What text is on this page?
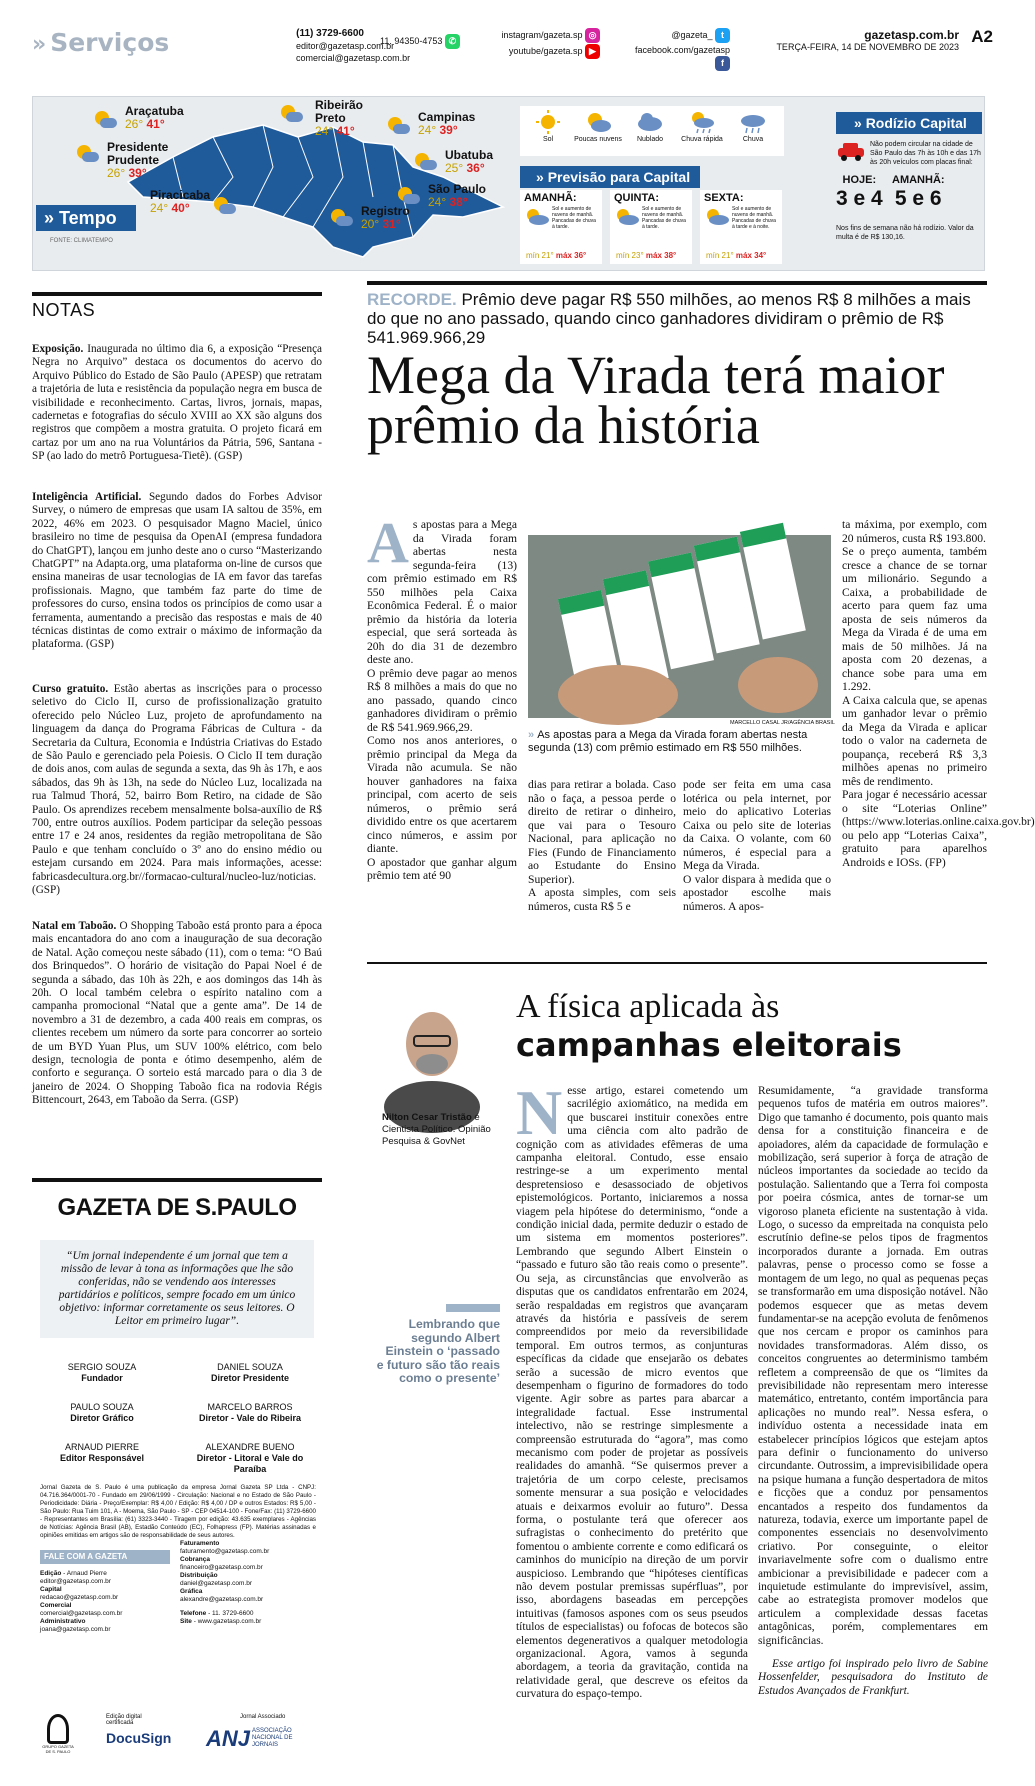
» Serviços	(11) 3729-6600
editor@gazetasp.com.br
comercial@gazetasp.com.br
11. 94350-4753 ✆
instagram/gazeta.sp ◎
youtube/gazeta.sp ▶
@gazeta_ t
facebook.com/gazetasp f
gazetasp.com.br
TERÇA-FEIRA, 14 DE NOVEMBRO DE 2023
A2
Araçatuba
26° 41°
Presidente Prudente
26° 39°
Ribeirão Preto
24° 41°
Campinas
24° 39°
Ubatuba
25° 36°
São Paulo
24° 38°
Piracicaba
24° 40°	Registro
20° 31°
» Tempo
FONTE: CLIMATEMPO
Sol	Poucas nuvens	Nublado	Chuva rápida	Chuva
» Previsão para Capital
AMANHÃ:
Sol e aumento de nuvens de manhã. Pancadas de chuva à tarde.
mín 21° máx 36°
QUINTA:
Sol e aumento de nuvens de manhã. Pancadas de chuva à tarde.
mín 23° máx 38°
SEXTA:
Sol e aumento de nuvens de manhã. Pancadas de chuva à tarde e à noite.
mín 21° máx 34°
» Rodízio Capital
Não podem circular na cidade de São Paulo das 7h às 10h e das 17h às 20h veículos com placas final:
HOJE:
3 e 4
AMANHÃ:
5 e 6
Nos fins de semana não há rodízio. Valor da multa é de R$ 130,16.
NOTAS
Exposição. Inaugurada no último dia 6, a exposição “Presença Negra no Arquivo” destaca os documentos do acervo do Arquivo Público do Estado de São Paulo (APESP) que retratam a trajetória de luta e resistência da população negra em busca de visibilidade e reconhecimento. Cartas, livros, jornais, mapas, cadernetas e fotografias do século XVIII ao XX são alguns dos registros que compõem a mostra gratuita. O projeto ficará em cartaz por um ano na rua Voluntários da Pátria, 596, Santana - SP (ao lado do metrô Portuguesa-Tietê). (GSP)
Inteligência Artificial. Segundo dados do Forbes Advisor Survey, o número de empresas que usam IA saltou de 35%, em 2022, 46% em 2023. O pesquisador Magno Maciel, único brasileiro no time de pesquisa da OpenAI (empresa fundadora do ChatGPT), lançou em junho deste ano o curso “Masterizando ChatGPT” na Adapta.org, uma plataforma on-line de cursos que ensina maneiras de usar tecnologias de IA em favor das tarefas profissionais. Magno, que também faz parte do time de professores do curso, ensina todos os princípios de como usar a ferramenta, aumentando a precisão das respostas e mais de 40 técnicas distintas de como extrair o máximo de informação da plataforma. (GSP)
Curso gratuito. Estão abertas as inscrições para o processo seletivo do Ciclo II, curso de profissionalização gratuito oferecido pelo Núcleo Luz, projeto de aprofundamento na linguagem da dança do Programa Fábricas de Cultura - da Secretaria da Cultura, Economia e Indústria Criativas do Estado de São Paulo e gerenciado pela Poiesis. O Ciclo II tem duração de dois anos, com aulas de segunda a sexta, das 9h às 17h, e aos sábados, das 9h às 13h, na sede do Núcleo Luz, localizada na rua Talmud Thorá, 52, bairro Bom Retiro, na cidade de São Paulo. Os aprendizes recebem mensalmente bolsa-auxílio de R$ 700, entre outros auxílios. Podem participar da seleção pessoas entre 17 e 24 anos, residentes da região metropolitana de São Paulo e que tenham concluído o 3º ano do ensino médio ou estejam cursando em 2024. Para mais informações, acesse: fabricasdecultura.org.br//formacao-cultural/nucleo-luz/noticias. (GSP)
Natal em Taboão. O Shopping Taboão está pronto para a época mais encantadora do ano com a inauguração de sua decoração de Natal. Ação começou neste sábado (11), com o tema: “O Baú dos Brinquedos”. O horário de visitação do Papai Noel é de segunda a sábado, das 10h às 22h, e aos domingos das 14h às 20h. O local também celebra o espírito natalino com a campanha promocional “Natal que a gente ama”. De 14 de novembro a 31 de dezembro, a cada 400 reais em compras, os clientes recebem um número da sorte para concorrer ao sorteio de um BYD Yuan Plus, um SUV 100% elétrico, com belo design, tecnologia de ponta e ótimo desempenho, além de conforto e segurança. O sorteio está marcado para o dia 3 de janeiro de 2024. O Shopping Taboão fica na rodovia Régis Bittencourt, 2643, em Taboão da Serra. (GSP)
GAZETA DE S.PAULO
“Um jornal independente é um jornal que tem a missão de levar à tona as informações que lhe são conferidas, não se vendendo aos interesses partidários e políticos, sempre focado em um único objetivo: informar corretamente os seus leitores. O Leitor em primeiro lugar”.
SERGIO SOUZA
Fundador
DANIEL SOUZA
Diretor Presidente
PAULO SOUZA
Diretor Gráfico
MARCELO BARROS
Diretor - Vale do Ribeira
ARNAUD PIERRE
Editor Responsável
ALEXANDRE BUENO
Diretor - Litoral e Vale do Paraíba
Jornal Gazeta de S. Paulo é uma publicação da empresa Jornal Gazeta SP Ltda - CNPJ: 04.716.364/0001-70 - Fundado em 29/06/1999 - Circulação: Nacional e no Estado de São Paulo - Periodicidade: Diária - Preço/Exemplar: R$ 4,00 / Edição: R$ 4,00 / DP e outros Estados: R$ 5,00 - São Paulo: Rua Tuim 101, A - Moema, São Paulo - SP - CEP 04514-100 - Fone/Fax: (11) 3729-6600 - Representantes em Brasília: (61) 3323-3440 - Tiragem por edição: 43.635 exemplares - Agências de Notícias: Agência Brasil (AB), Estadão Conteúdo (EC), Folhapress (FP). Matérias assinadas e opiniões emitidas em artigos são de responsabilidade de seus autores.
FALE COM A GAZETA
Edição - Arnaud Pierre editor@gazetasp.com.br
Capital
redacao@gazetasp.com.br
Comercial
comercial@gazetasp.com.br
Administrativo
joana@gazetasp.com.br
Faturamento
faturamento@gazetasp.com.br
Cobrança
financeiro@gazetasp.com.br
Distribuição
daniel@gazetasp.com.br
Gráfica
alexandre@gazetasp.com.br
Telefone - 11. 3729-6600
Site - www.gazetasp.com.br
GRUPO GAZETA DE S. PAULO
Edição digital certificada
DocuSign
Jornal Associado
ANJ ASSOCIAÇÃO NACIONAL DE JORNAIS
RECORDE. Prêmio deve pagar R$ 550 milhões, ao menos R$ 8 milhões a mais do que no ano passado, quando cinco ganhadores dividiram o prêmio de R$ 541.969.966,29
Mega da Virada terá maior prêmio da história
As apostas para a Mega da Virada foram abertas nesta segunda-feira (13) com prêmio estimado em R$ 550 milhões pela Caixa Econômica Federal. É o maior prêmio da história da loteria especial, que será sorteada às 20h do dia 31 de dezembro deste ano.
O prêmio deve pagar ao menos R$ 8 milhões a mais do que no ano passado, quando cinco ganhadores dividiram o prêmio de R$ 541.969.966,29.
Como nos anos anteriores, o prêmio principal da Mega da Virada não acumula. Se não houver ganhadores na faixa principal, com acerto de seis números, o prêmio será dividido entre os que acertarem cinco números, e assim por diante.
O apostador que ganhar algum prêmio tem até 90
MARCELLO CASAL JR/AGÊNCIA BRASIL
» As apostas para a Mega da Virada foram abertas nesta segunda (13) com prêmio estimado em R$ 550 milhões.
dias para retirar a bolada. Caso não o faça, a pessoa perde o direito de retirar o dinheiro, que vai para o Tesouro Nacional, para aplicação no Fies (Fundo de Financiamento ao Estudante do Ensino Superior).
A aposta simples, com seis números, custa R$ 5 e
pode ser feita em uma casa lotérica ou pela internet, por meio do aplicativo Loterias Caixa ou pelo site de loterias da Caixa. O volante, com 60 números, é especial para a Mega da Virada.
O valor dispara à medida que o apostador escolhe mais números. A apos-
ta máxima, por exemplo, com 20 números, custa R$ 193.800.
Se o preço aumenta, também cresce a chance de se tornar um milionário. Segundo a Caixa, a probabilidade de acerto para quem faz uma aposta de seis números da Mega da Virada é de uma em mais de 50 milhões. Já na aposta com 20 dezenas, a chance sobe para uma em 1.292.
A Caixa calcula que, se apenas um ganhador levar o prêmio da Mega da Virada e aplicar todo o valor na caderneta de poupança, receberá R$ 3,3 milhões apenas no primeiro mês de rendimento.
Para jogar é necessário acessar o site “Loterias Online” (https://www.loterias.online.caixa.gov.br) ou pelo app “Loterias Caixa”, gratuito para aparelhos Androids e IOSs. (FP)
Nilton Cesar Tristão é Cientista Político. Opinião Pesquisa & GovNet
A física aplicada às
campanhas eleitorais
Lembrando que segundo Albert Einstein o ‘passado e futuro são tão reais como o presente’
Nesse artigo, estarei cometendo um sacrilégio axiomático, na medida em que buscarei instituir conexões entre uma ciência com alto padrão de cognição com as atividades efêmeras de uma campanha eleitoral. Contudo, esse ensaio restringe-se a um experimento mental despretensioso e desassociado de objetivos epistemológicos. Portanto, iniciaremos a nossa viagem pela hipótese do determinismo, “onde a condição inicial dada, permite deduzir o estado de um sistema em momentos posteriores”. Lembrando que segundo Albert Einstein o “passado e futuro são tão reais como o presente”. Ou seja, as circunstâncias que envolverão as disputas que os candidatos enfrentarão em 2024, serão respaldadas em registros que avançaram através da história e passíveis de serem compreendidos por meio da reversibilidade temporal. Em outros termos, as conjunturas específicas da cidade que ensejarão os debates serão a sucessão de micro eventos que desempenham o figurino de formadores do todo vigente. Agir sobre as partes para abarcar a integralidade factual. Esse instrumental intelectivo, não se restringe simplesmente a compreensão estruturada do “agora”, mas como mecanismo com poder de projetar as possíveis realidades do amanhã. “Se quisermos prever a trajetória de um corpo celeste, precisamos somente mensurar a sua posição e velocidades atuais e deixarmos evoluir ao futuro”. Dessa forma, o postulante terá que oferecer aos sufragistas o conhecimento do pretérito que fomentou o ambiente corrente e como edificará os caminhos do município na direção de um porvir auspicioso. Lembrando que “hipóteses científicas não devem postular premissas supérfluas”, por isso, abordagens baseadas em percepções intuitivas (famosos aspones com os seus pseudos títulos de especialistas) ou fofocas de botecos são elementos degenerativos a qualquer metodologia organizacional. Agora, vamos à segunda abordagem, a teoria da gravitação, contida na relatividade geral, que descreve os efeitos da curvatura do espaço-tempo.
Resumidamente, “a gravidade transforma pequenos tufos de matéria em outros maiores”. Digo que tamanho é documento, pois quanto mais densa for a constituição financeira e de apoiadores, além da capacidade de formulação e mobilização, será superior à força de atração de núcleos importantes da sociedade ao tecido da postulação. Salientando que a Terra foi composta por poeira cósmica, antes de tornar-se um vigoroso planeta eficiente na sustentação à vida. Logo, o sucesso da empreitada na conquista pelo escrutínio define-se pelos tipos de fragmentos incorporados durante a jornada. Em outras palavras, pense o processo como se fosse a montagem de um lego, no qual as pequenas peças se transformarão em uma disposição notável. Não podemos esquecer que as metas devem fundamentar-se na acepção evoluta de fenômenos que nos cercam e propor os caminhos para novidades transformadoras. Além disso, os conceitos congruentes ao determinismo também refletem a compreensão de que os “limites da previsibilidade não representam mero interesse matemático, entretanto, contém importância para aplicações no mundo real”. Nessa esfera, o indivíduo ostenta a necessidade inata em estabelecer princípios lógicos que estejam aptos para definir o funcionamento do universo circundante. Outrossim, a imprevisibilidade opera na psique humana a função despertadora de mitos e ficções que a conduz por pensamentos encantados a respeito dos fundamentos da natureza, todavia, exerce um importante papel de componentes essenciais no desenvolvimento criativo. Por conseguinte, o eleitor invariavelmente sofre com o dualismo entre ambicionar a previsibilidade e padecer com a inquietude estimulante do imprevisível, assim, cabe ao estrategista promover modelos que articulem a complexidade dessas facetas antagônicas, porém, complementares em significâncias.
Esse artigo foi inspirado pelo livro de Sabine Hossenfelder, pesquisadora do Instituto de Estudos Avançados de Frankfurt.
